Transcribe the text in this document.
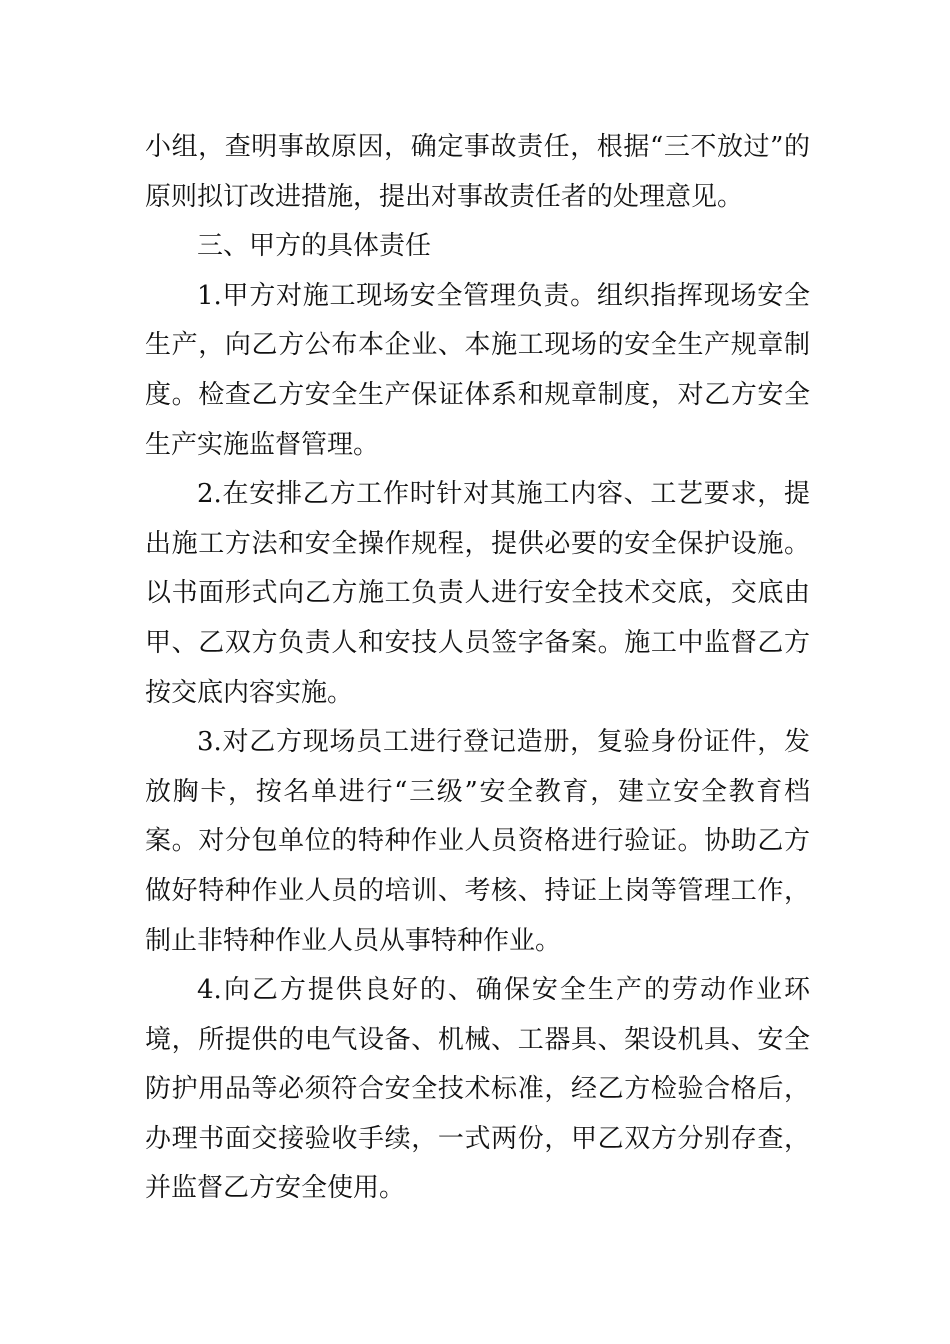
小组，查明事故原因，确定事故责任，根据“三不放过”的原则拟订改进措施，提出对事故责任者的处理意见。

三、甲方的具体责任

1.甲方对施工现场安全管理负责。组织指挥现场安全生产，向乙方公布本企业、本施工现场的安全生产规章制度。检查乙方安全生产保证体系和规章制度，对乙方安全生产实施监督管理。

2.在安排乙方工作时针对其施工内容、工艺要求，提出施工方法和安全操作规程，提供必要的安全保护设施。以书面形式向乙方施工负责人进行安全技术交底，交底由甲、乙双方负责人和安技人员签字备案。施工中监督乙方按交底内容实施。

3.对乙方现场员工进行登记造册，复验身份证件，发放胸卡，按名单进行“三级”安全教育，建立安全教育档案。对分包单位的特种作业人员资格进行验证。协助乙方做好特种作业人员的培训、考核、持证上岗等管理工作，制止非特种作业人员从事特种作业。

4.向乙方提供良好的、确保安全生产的劳动作业环境，所提供的电气设备、机械、工器具、架设机具、安全防护用品等必须符合安全技术标准，经乙方检验合格后，办理书面交接验收手续，一式两份，甲乙双方分别存查，并监督乙方安全使用。
